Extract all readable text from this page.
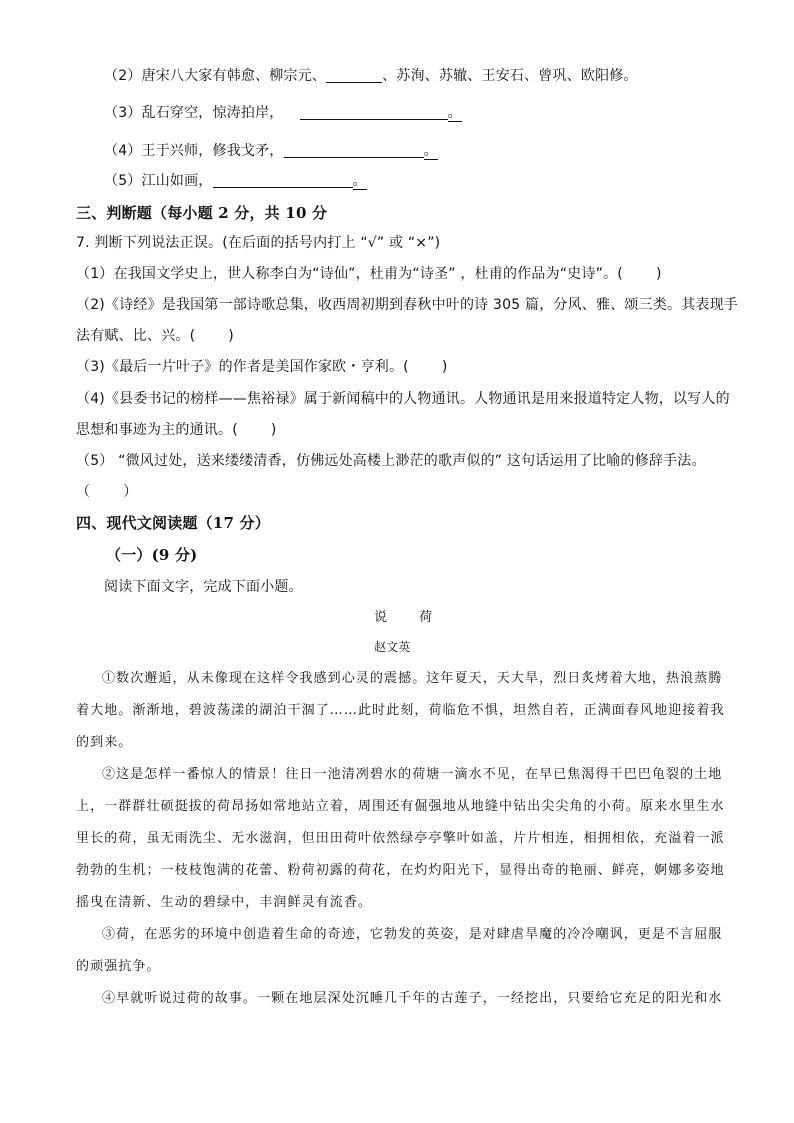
（2）唐宋八大家有韩愈、柳宗元、	、苏洵、苏辙、王安石、曾巩、欧阳修。
（3）乱石穿空，惊涛拍岸，	。
（4）王于兴师，修我戈矛，	。
（5）江山如画，	。
三、判断题（每小题 2 分，共 10 分
7. 判断下列说法正误。(在后面的括号内打上 “√” 或 “×”)
（1）在我国文学史上，世人称李白为“诗仙”，杜甫为“诗圣” ，杜甫的作品为“史诗”。(　　 )
（2)《诗经》是我国第一部诗歌总集，收西周初期到春秋中叶的诗 305 篇，分风、雅、颂三类。其表现手
法有赋、比、兴。(　　 )
（3)《最后一片叶子》的作者是美国作家欧・亨利。(　　 )
（4)《县委书记的榜样——焦裕禄》属于新闻稿中的人物通讯。人物通讯是用来报道特定人物，以写人的
思想和事迹为主的通讯。(　　 )
（5） “微风过处，送来缕缕清香，仿佛远处高楼上渺茫的歌声似的” 这句话运用了比喻的修辞手法。
（　　 ）
四、现代文阅读题（17 分）
（一）(9 分)
阅读下面文字，完成下面小题。
说 荷
赵文英
①数次邂逅，从未像现在这样令我感到心灵的震撼。这年夏天，天大旱，烈日炙烤着大地，热浪蒸腾
着大地。渐渐地，碧波荡漾的湖泊干涸了……此时此刻，荷临危不惧，坦然自若，正满面春风地迎接着我
的到来。
②这是怎样一番惊人的情景！往日一池清冽碧水的荷塘一滴水不见，在早已焦渴得干巴巴龟裂的土地
上，一群群壮硕挺拔的荷昂扬如常地站立着，周围还有倔强地从地缝中钻出尖尖角的小荷。原来水里生水
里长的荷，虽无雨洗尘、无水滋润，但田田荷叶依然绿亭亭擎叶如盖，片片相连，相拥相依，充溢着一派
勃勃的生机；一枝枝饱满的花蕾、粉荷初露的荷花，在灼灼阳光下，显得出奇的艳丽、鲜亮，婀娜多姿地
摇曳在清新、生动的碧绿中，丰润鲜灵有流香。
③荷，在恶劣的环境中创造着生命的奇迹，它勃发的英姿，是对肆虐旱魔的冷冷嘲讽，更是不言屈服
的顽强抗争。
④早就听说过荷的故事。一颗在地层深处沉睡几千年的古莲子，一经挖出，只要给它充足的阳光和水
